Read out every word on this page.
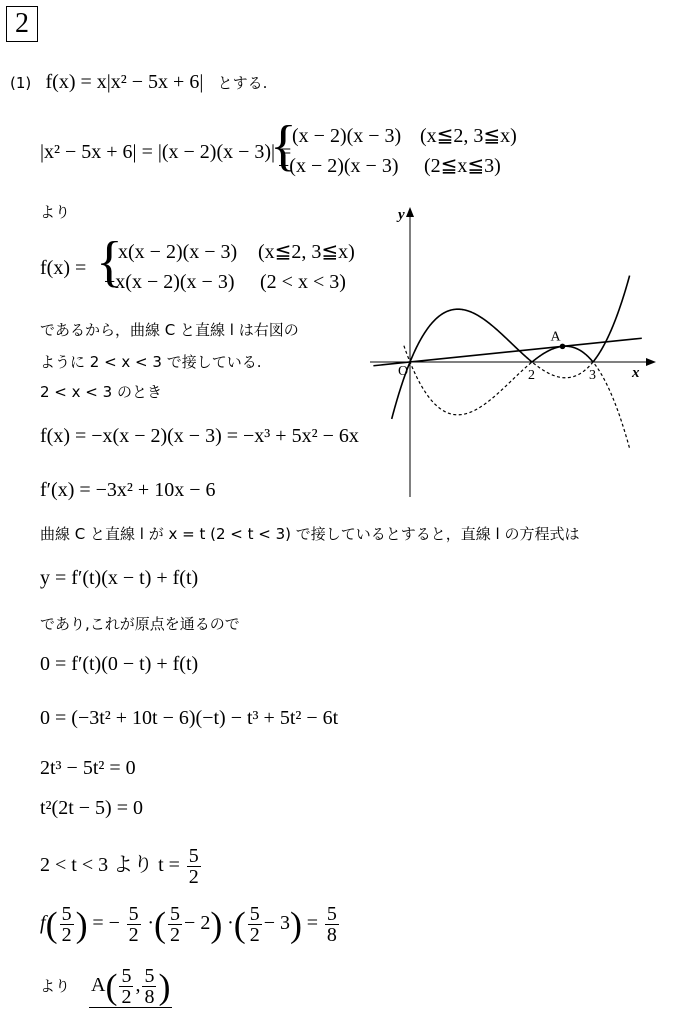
2
(1) f(x) = x|x² − 5x + 6| とする.
|x² − 5x + 6| = |(x − 2)(x − 3)| =
{
(x − 2)(x − 3) (x≦2, 3≦x)
−(x − 2)(x − 3) (2≦x≦3)
より
f(x) = {
x(x − 2)(x − 3) (x≦2, 3≦x)
−x(x − 2)(x − 3) (2 < x < 3)
であるから，曲線 C と直線 l は右図の
ように 2 < x < 3 で接している.
2 < x < 3 のとき
f(x) = −x(x − 2)(x − 3) = −x³ + 5x² − 6x
f′(x) = −3x² + 10x − 6
曲線 C と直線 l が x = t (2 < t < 3) で接しているとすると，直線 l の方程式は
y = f′(t)(x − t) + f(t)
であり,これが原点を通るので
0 = f′(t)(0 − t) + f(t)
0 = (−3t² + 10t − 6)(−t) − t³ + 5t² − 6t
2t³ − 5t² = 0
t²(2t − 5) = 0
2 < t < 3 より $t = \frac{5}{2}$
$f( \frac{5}{2}$ ) = − $\frac{5}{2}$ ·( $\frac{5}{2} - 2$) ·( $\frac{5}{2} - 3) = \frac{5}{8}$
より $A( \frac{5}{2}$ , $\frac{5}{8}$ )
y
x
O	2	3
A
